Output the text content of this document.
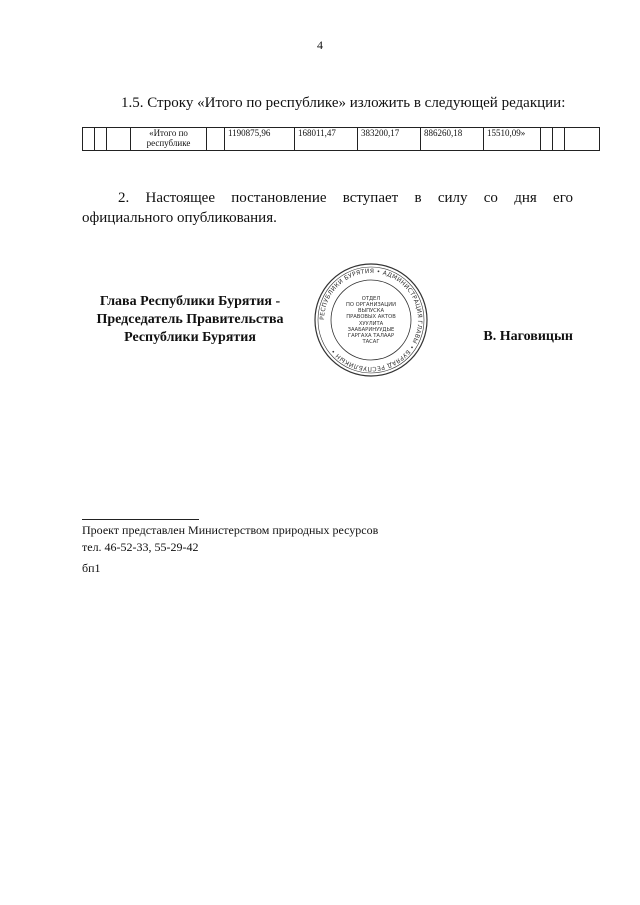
4
1.5. Строку «Итого по республике» изложить в следующей редакции:
			«Итого по
республике		1190875,96	168011,47	383200,17	886260,18	15510,09»			
2. Настоящее постановление вступает в силу со дня его
официального опубликования.
Глава Республики Бурятия -
Председатель Правительства
Республики Бурятия
РЕСПУБЛИКИ БУРЯТИЯ • АДМИНИСТРАЦИЯ ГЛАВЫ • БУРЯАД РЕСПУБЛИКЫН •
ОТДЕЛ
ПО ОРГАНИЗАЦИИ
ВЫПУСКА
ПРАВОВЫХ АКТОВ
ХУУЛИТА
ЗААБАРИНУУДЫЕ
ГАРГАХА ТАЛААР
ТАСАГ	В. Наговицын
Проект представлен Министерством природных ресурсов
тел. 46-52-33, 55-29-42
бп1
